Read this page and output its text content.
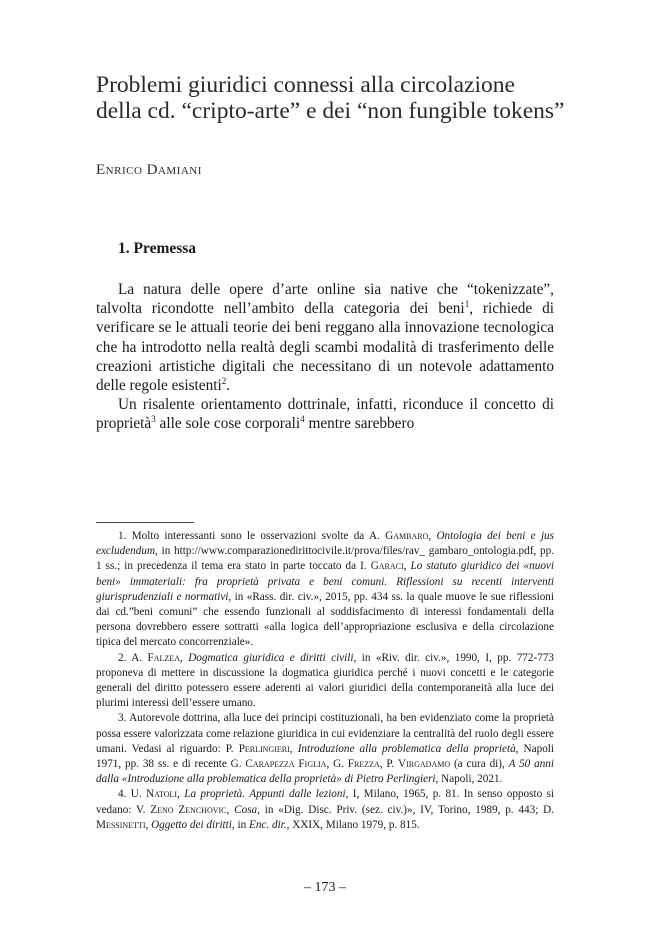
Problemi giuridici connessi alla circolazione della cd. “cripto-arte” e dei “non fungible tokens”
Enrico Damiani
1. Premessa

La natura delle opere d’arte online sia native che “tokenizzate”, talvolta ricondotte nell’ambito della categoria dei beni$^1$, richiede di verificare se le attuali teorie dei beni reggano alla innovazione tecnologica che ha introdotto nella realtà degli scambi modalità di trasferimento delle creazioni artistiche digitali che necessitano di un notevole adattamento delle regole esistenti$^2$.

Un risalente orientamento dottrinale, infatti, riconduce il concetto di proprietà$^3$ alle sole cose corporali$^4$ mentre sarebbero

1. Molto interessanti sono le osservazioni svolte da A. Gambaro, Ontologia dei beni e jus excludendum, in http://www.comparazionedirittocivile.it/prova/files/rav_ gambaro_ontologia.pdf, pp. 1 ss.; in precedenza il tema era stato in parte toccato da I. Garaci, Lo statuto giuridico dei «nuovi beni» immateriali: fra proprietà privata e beni comuni. Riflessioni su recenti interventi giurisprudenziali e normativi, in «Rass. dir. civ.», 2015, pp. 434 ss. la quale muove le sue riflessioni dai cd.”beni comuni” che essendo funzionali al soddisfacimento di interessi fondamentali della persona dovrebbero essere sottratti «alla logica dell’appropriazione esclusiva e della circolazione tipica del mercato concorrenziale».

2. A. Falzea, Dogmatica giuridica e diritti civili, in «Riv. dir. civ.», 1990, I, pp. 772-773 proponeva di mettere in discussione la dogmatica giuridica perché i nuovi concetti e le categorie generali del diritto potessero essere aderenti ai valori giuridici della contemporaneità alla luce dei plurimi interessi dell’essere umano.

3. Autorevole dottrina, alla luce dei principi costituzionali, ha ben evidenziato come la proprietà possa essere valorizzata come relazione giuridica in cui evidenziare la centralità del ruolo degli essere umani. Vedasi al riguardo: P. Perlingieri, Introduzione alla problematica della proprietà, Napoli 1971, pp. 38 ss. e di recente G. Carapezza Figlia, G. Frezza, P. Virgadamo (a cura di), A 50 anni dalla «Introduzione alla problematica della proprietà» di Pietro Perlingieri, Napoli, 2021.

4. U. Natoli, La proprietà. Appunti dalle lezioni, I, Milano, 1965, p. 81. In senso opposto si vedano: V. Zeno Zenchovic, Cosa, in «Dig. Disc. Priv. (sez. civ.)», IV, Torino, 1989, p. 443; D. Messinetti, Oggetto dei diritti, in Enc. dir., XXIX, Milano 1979, p. 815.

– 173 –
